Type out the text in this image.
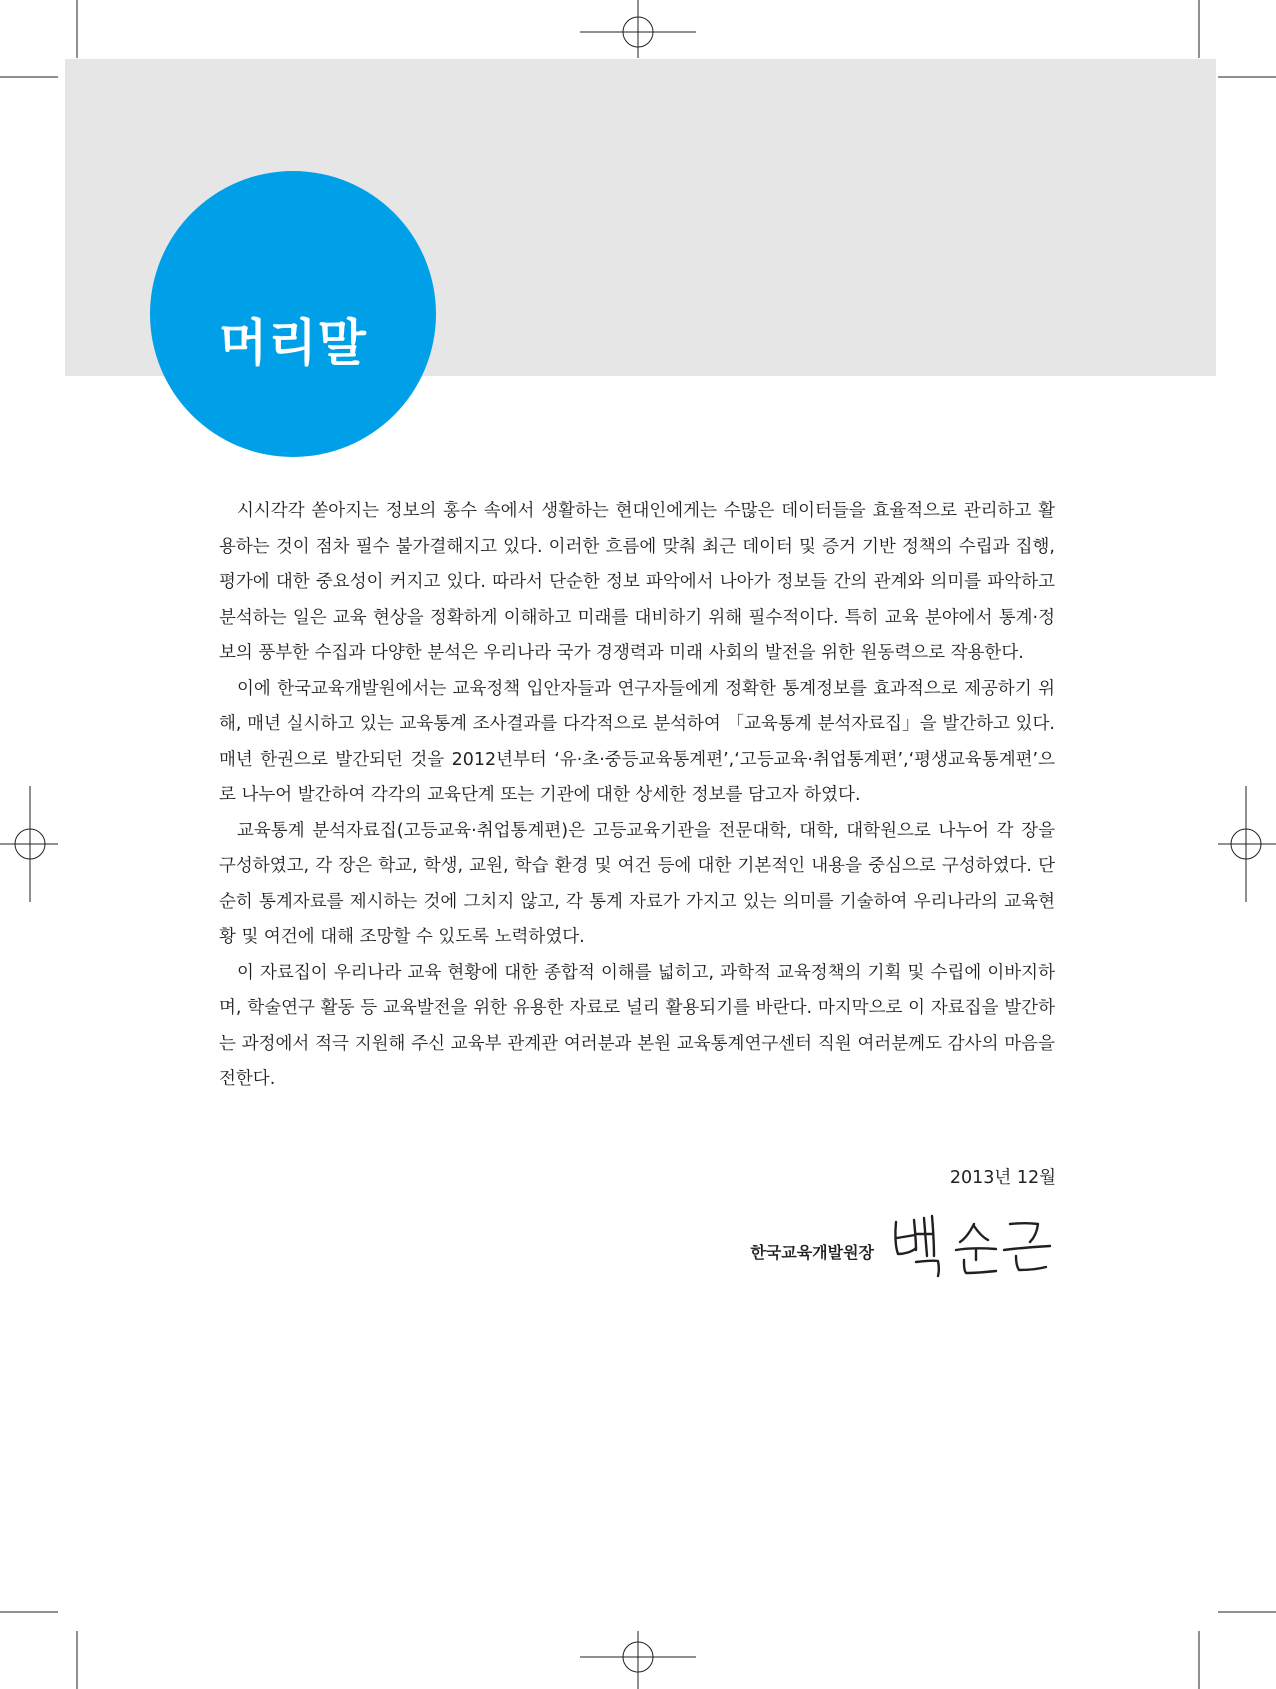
머리말

시시각각 쏟아지는 정보의 홍수 속에서 생활하는 현대인에게는 수많은 데이터들을 효율적으로 관리하고 활용하는 것이 점차 필수 불가결해지고 있다. 이러한 흐름에 맞춰 최근 데이터 및 증거 기반 정책의 수립과 집행, 평가에 대한 중요성이 커지고 있다. 따라서 단순한 정보 파악에서 나아가 정보들 간의 관계와 의미를 파악하고 분석하는 일은 교육 현상을 정확하게 이해하고 미래를 대비하기 위해 필수적이다. 특히 교육 분야에서 통계·정보의 풍부한 수집과 다양한 분석은 우리나라 국가 경쟁력과 미래 사회의 발전을 위한 원동력으로 작용한다.

이에 한국교육개발원에서는 교육정책 입안자들과 연구자들에게 정확한 통계정보를 효과적으로 제공하기 위해, 매년 실시하고 있는 교육통계 조사결과를 다각적으로 분석하여 「교육통계 분석자료집」을 발간하고 있다. 매년 한권으로 발간되던 것을 2012년부터 ‘유·초·중등교육통계편’,‘고등교육·취업통계편’,‘평생교육통계편’으로 나누어 발간하여 각각의 교육단계 또는 기관에 대한 상세한 정보를 담고자 하였다.

교육통계 분석자료집(고등교육·취업통계편)은 고등교육기관을 전문대학, 대학, 대학원으로 나누어 각 장을 구성하였고, 각 장은 학교, 학생, 교원, 학습 환경 및 여건 등에 대한 기본적인 내용을 중심으로 구성하였다. 단순히 통계자료를 제시하는 것에 그치지 않고, 각 통계 자료가 가지고 있는 의미를 기술하여 우리나라의 교육현황 및 여건에 대해 조망할 수 있도록 노력하였다.

이 자료집이 우리나라 교육 현황에 대한 종합적 이해를 넓히고, 과학적 교육정책의 기획 및 수립에 이바지하며, 학술연구 활동 등 교육발전을 위한 유용한 자료로 널리 활용되기를 바란다. 마지막으로 이 자료집을 발간하는 과정에서 적극 지원해 주신 교육부 관계관 여러분과 본원 교육통계연구센터 직원 여러분께도 감사의 마음을 전한다.

2013년 12월
한국교육개발원장
